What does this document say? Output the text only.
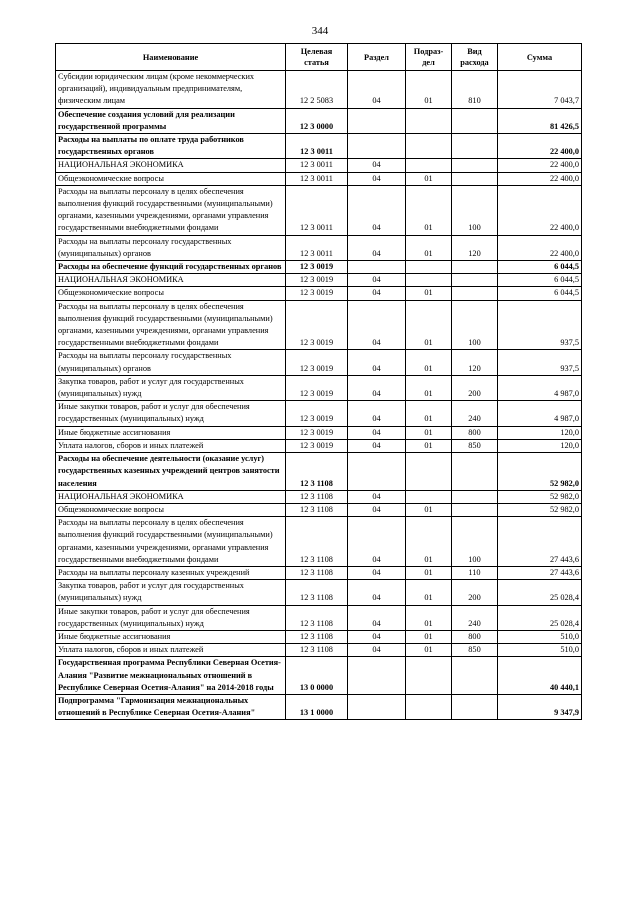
344
Наименование	Целевая статья	Раздел	Подраз-дел	Вид расхода	Сумма
Субсидии юридическим лицам (кроме некоммерческих организаций), индивидуальным предпринимателям, физическим лицам	12 2 5083	04	01	810	7 043,7
Обеспечение создания условий для реализации государственной программы	12 3 0000				81 426,5
Расходы на выплаты по оплате труда работников государственных органов	12 3 0011				22 400,0
НАЦИОНАЛЬНАЯ ЭКОНОМИКА	12 3 0011	04			22 400,0
Общеэкономические вопросы	12 3 0011	04	01		22 400,0
Расходы на выплаты персоналу в целях обеспечения выполнения функций государственными (муниципальными) органами, казенными учреждениями, органами управления государственными внебюджетными фондами	12 3 0011	04	01	100	22 400,0
Расходы на выплаты персоналу государственных (муниципальных) органов	12 3 0011	04	01	120	22 400,0
Расходы на обеспечение функций государственных органов	12 3 0019				6 044,5
НАЦИОНАЛЬНАЯ ЭКОНОМИКА	12 3 0019	04			6 044,5
Общеэкономические вопросы	12 3 0019	04	01		6 044,5
Расходы на выплаты персоналу в целях обеспечения выполнения функций государственными (муниципальными) органами, казенными учреждениями, органами управления государственными внебюджетными фондами	12 3 0019	04	01	100	937,5
Расходы на выплаты персоналу государственных (муниципальных) органов	12 3 0019	04	01	120	937,5
Закупка товаров, работ и услуг для государственных (муниципальных) нужд	12 3 0019	04	01	200	4 987,0
Иные закупки товаров, работ и услуг для обеспечения государственных (муниципальных) нужд	12 3 0019	04	01	240	4 987,0
Иные бюджетные ассигнования	12 3 0019	04	01	800	120,0
Уплата налогов, сборов и иных платежей	12 3 0019	04	01	850	120,0
Расходы на обеспечение деятельности (оказание услуг) государственных казенных учреждений центров занятости населения	12 3 1108				52 982,0
НАЦИОНАЛЬНАЯ ЭКОНОМИКА	12 3 1108	04			52 982,0
Общеэкономические вопросы	12 3 1108	04	01		52 982,0
Расходы на выплаты персоналу в целях обеспечения выполнения функций государственными (муниципальными) органами, казенными учреждениями, органами управления государственными внебюджетными фондами	12 3 1108	04	01	100	27 443,6
Расходы на выплаты персоналу казенных учреждений	12 3 1108	04	01	110	27 443,6
Закупка товаров, работ и услуг для государственных (муниципальных) нужд	12 3 1108	04	01	200	25 028,4
Иные закупки товаров, работ и услуг для обеспечения государственных (муниципальных) нужд	12 3 1108	04	01	240	25 028,4
Иные бюджетные ассигнования	12 3 1108	04	01	800	510,0
Уплата налогов, сборов и иных платежей	12 3 1108	04	01	850	510,0
Государственная программа Республики Северная Осетия-Алания "Развитие межнациональных отношений в Республике Северная Осетия-Алания" на 2014-2018 годы	13 0 0000				40 440,1
Подпрограмма "Гармонизация межнациональных отношений в Республике Северная Осетия-Алания"	13 1 0000				9 347,9
